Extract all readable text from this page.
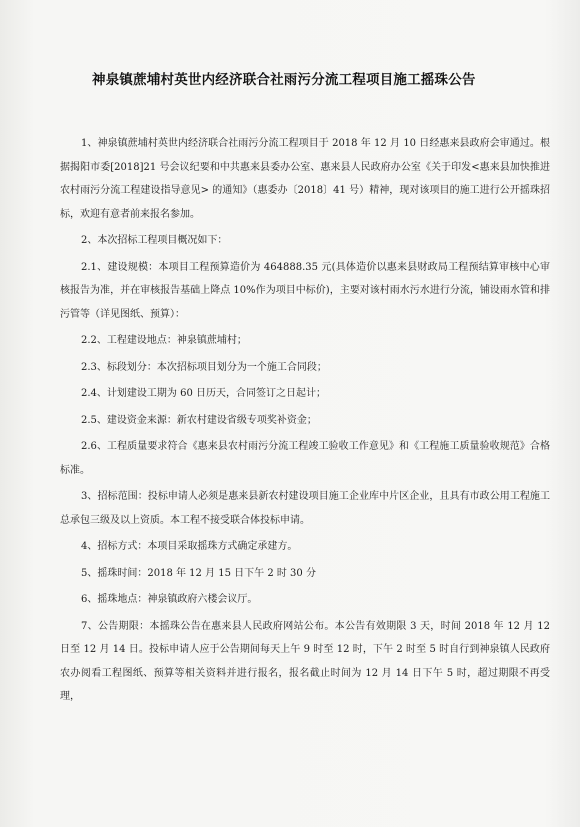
神泉镇蔗埔村英世内经济联合社雨污分流工程项目施工摇珠公告

1、神泉镇蔗埔村英世内经济联合社雨污分流工程项目于 2018 年 12 月 10 日经惠来县政府会审通过。根据揭阳市委[2018]21 号会议纪要和中共惠来县委办公室、惠来县人民政府办公室《关于印发<惠来县加快推进农村雨污分流工程建设指导意见> 的通知》（惠委办〔2018〕41 号）精神，现对该项目的施工进行公开摇珠招标，欢迎有意者前来报名参加。

2、本次招标工程项目概况如下：

2.1、建设规模：本项目工程预算造价为 464888.35 元(具体造价以惠来县财政局工程预结算审核中心审核报告为准，并在审核报告基础上降点 10%作为项目中标价)，主要对该村雨水污水进行分流，铺设雨水管和排污管等（详见图纸、预算）：

2.2、工程建设地点：神泉镇蔗埔村；

2.3、标段划分：本次招标项目划分为一个施工合同段；

2.4、计划建设工期为 60 日历天，合同签订之日起计；

2.5、建设资金来源：新农村建设省级专项奖补资金；

2.6、工程质量要求符合《惠来县农村雨污分流工程竣工验收工作意见》和《工程施工质量验收规范》合格标准。

3、招标范围：投标申请人必须是惠来县新农村建设项目施工企业库中片区企业，且具有市政公用工程施工总承包三级及以上资质。本工程不接受联合体投标申请。

4、招标方式：本项目采取摇珠方式确定承建方。

5、摇珠时间：2018 年 12 月 15 日下午 2 时 30 分

6、摇珠地点：神泉镇政府六楼会议厅。

7、公告期限：本摇珠公告在惠来县人民政府网站公布。本公告有效期限 3 天，时间 2018 年 12 月 12 日至 12 月 14 日。投标申请人应于公告期间每天上午 9 时至 12 时，下午 2 时至 5 时自行到神泉镇人民政府农办阅看工程图纸、预算等相关资料并进行报名，报名截止时间为 12 月 14 日下午 5 时，超过期限不再受理，
